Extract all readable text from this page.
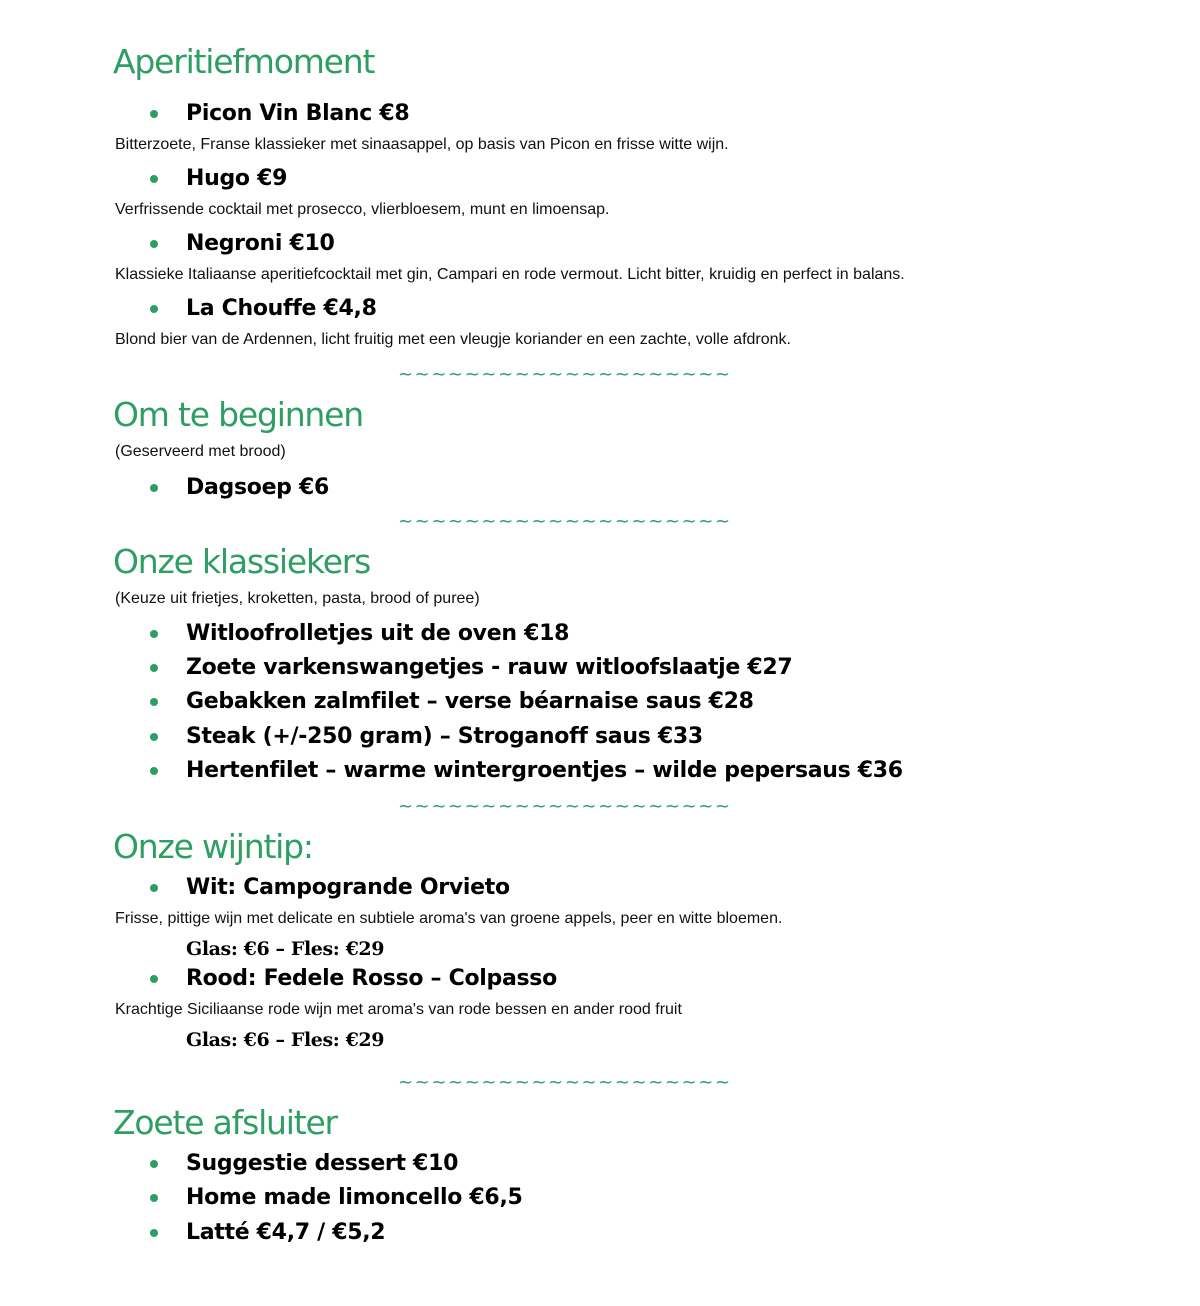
Aperitiefmoment
Picon Vin Blanc €8
Bitterzoete, Franse klassieker met sinaasappel, op basis van Picon en frisse witte wijn.
Hugo €9
Verfrissende cocktail met prosecco, vlierbloesem, munt en limoensap.
Negroni €10
Klassieke Italiaanse aperitiefcocktail met gin, Campari en rode vermout. Licht bitter, kruidig en perfect in balans.
La Chouffe €4,8
Blond bier van de Ardennen, licht fruitig met een vleugje koriander en een zachte, volle afdronk.
~~~~~~~~~~~~~~~~~~~~
Om te beginnen
(Geserveerd met brood)
Dagsoep €6
~~~~~~~~~~~~~~~~~~~~
Onze klassiekers
(Keuze uit frietjes, kroketten, pasta, brood of puree)
Witloofrolletjes uit de oven €18
Zoete varkenswangetjes - rauw witloofslaatje €27
Gebakken zalmfilet – verse béarnaise saus €28
Steak (+/-250 gram) – Stroganoff saus €33
Hertenfilet – warme wintergroentjes – wilde pepersaus €36
~~~~~~~~~~~~~~~~~~~~
Onze wijntip:
Wit: Campogrande Orvieto
Frisse, pittige wijn met delicate en subtiele aroma's van groene appels, peer en witte bloemen.
Glas: €6 – Fles: €29
Rood: Fedele Rosso – Colpasso
Krachtige Siciliaanse rode wijn met aroma's van rode bessen en ander rood fruit
Glas: €6 – Fles: €29
~~~~~~~~~~~~~~~~~~~~
Zoete afsluiter
Suggestie dessert €10
Home made limoncello €6,5
Latté €4,7 / €5,2
